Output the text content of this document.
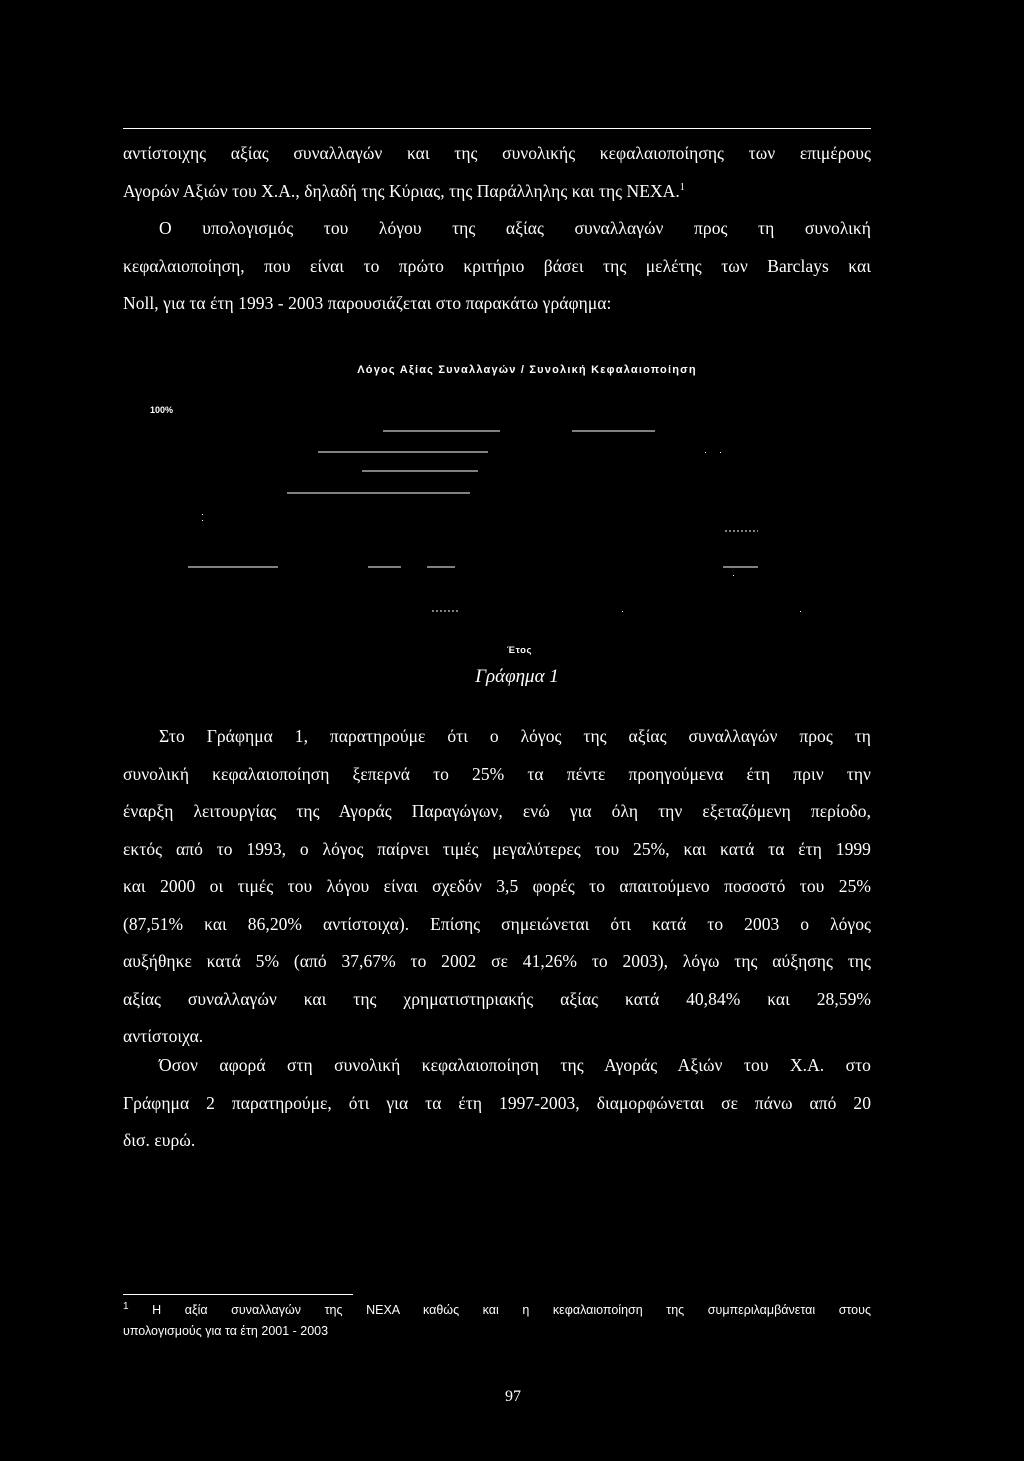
αντίστοιχης αξίας συναλλαγών και της συνολικής κεφαλαιοποίησης των επιμέρους
Αγορών Αξιών του Χ.Α., δηλαδή της Κύριας, της Παράλληλης και της ΝΕΧΑ.$^1$
Ο υπολογισμός του λόγου της αξίας συναλλαγών προς τη συνολική
κεφαλαιοποίηση, που είναι το πρώτο κριτήριο βάσει της μελέτης των Barclays και
Noll, για τα έτη 1993 - 2003 παρουσιάζεται στο παρακάτω γράφημα:
Λόγος Αξίας Συναλλαγών / Συνολική Κεφαλαιοποίηση
100%
Έτος
Γράφημα 1
Στο Γράφημα 1, παρατηρούμε ότι ο λόγος της αξίας συναλλαγών προς τη
συνολική κεφαλαιοποίηση ξεπερνά το 25% τα πέντε προηγούμενα έτη πριν την
έναρξη λειτουργίας της Αγοράς Παραγώγων, ενώ για όλη την εξεταζόμενη περίοδο,
εκτός από το 1993, ο λόγος παίρνει τιμές μεγαλύτερες του 25%, και κατά τα έτη 1999
και 2000 οι τιμές του λόγου είναι σχεδόν 3,5 φορές το απαιτούμενο ποσοστό του 25%
(87,51% και 86,20% αντίστοιχα). Επίσης σημειώνεται ότι κατά το 2003 ο λόγος
αυξήθηκε κατά 5% (από 37,67% το 2002 σε 41,26% το 2003), λόγω της αύξησης της
αξίας συναλλαγών και της χρηματιστηριακής αξίας κατά 40,84% και 28,59%
αντίστοιχα.
Όσον αφορά στη συνολική κεφαλαιοποίηση της Αγοράς Αξιών του Χ.Α. στο
Γράφημα 2 παρατηρούμε, ότι για τα έτη 1997-2003, διαμορφώνεται σε πάνω από 20
δισ. ευρώ.
$^1$ Η αξία συναλλαγών της ΝΕΧΑ καθώς και η κεφαλαιοποίηση της συμπεριλαμβάνεται στους
υπολογισμούς για τα έτη 2001 - 2003
97
